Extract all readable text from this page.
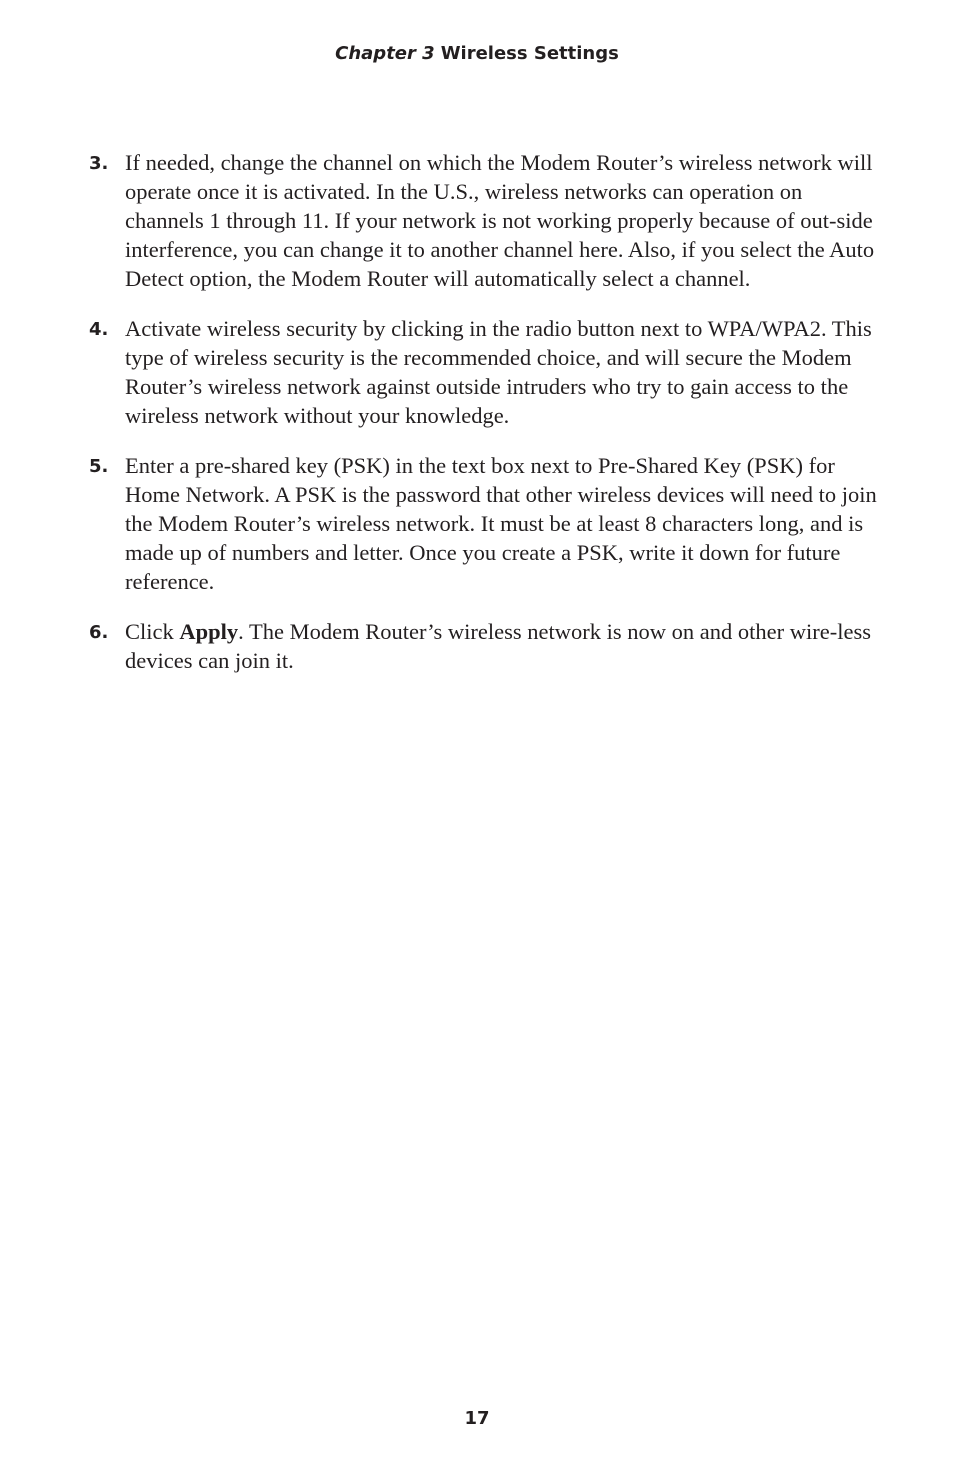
Chapter 3 Wireless Settings
3. If needed, change the channel on which the Modem Router’s wireless network will operate once it is activated. In the U.S., wireless networks can operation on channels 1 through 11. If your network is not working properly because of out-side interference, you can change it to another channel here. Also, if you select the Auto Detect option, the Modem Router will automatically select a channel.
4. Activate wireless security by clicking in the radio button next to WPA/WPA2. This type of wireless security is the recommended choice, and will secure the Modem Router’s wireless network against outside intruders who try to gain access to the wireless network without your knowledge.
5. Enter a pre-shared key (PSK) in the text box next to Pre-Shared Key (PSK) for Home Network. A PSK is the password that other wireless devices will need to join the Modem Router’s wireless network. It must be at least 8 characters long, and is made up of numbers and letter. Once you create a PSK, write it down for future reference.
6. Click Apply. The Modem Router’s wireless network is now on and other wire-less devices can join it.
17
